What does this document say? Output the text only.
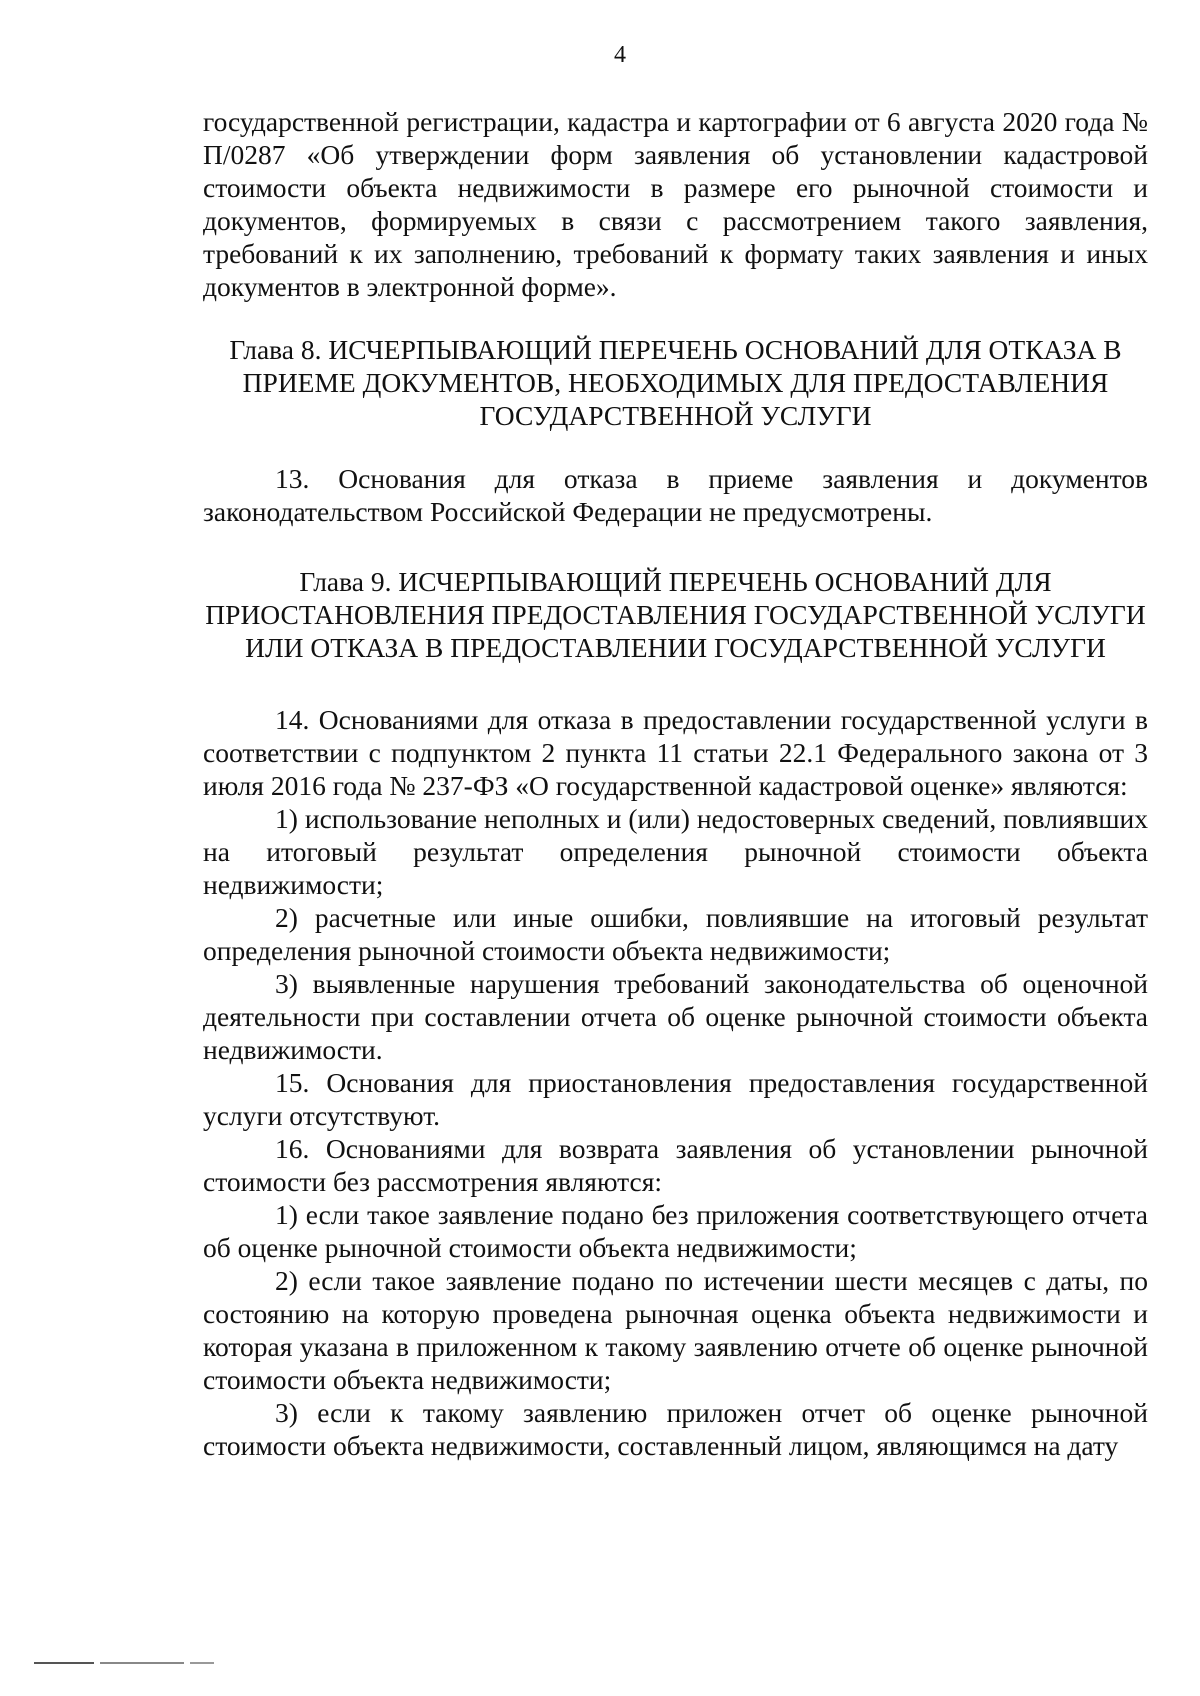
4

государственной регистрации, кадастра и картографии от 6 августа 2020 года № П/0287 «Об утверждении форм заявления об установлении кадастровой стоимости объекта недвижимости в размере его рыночной стоимости и документов, формируемых в связи с рассмотрением такого заявления, требований к их заполнению, требований к формату таких заявления и иных документов в электронной форме».

Глава 8. ИСЧЕРПЫВАЮЩИЙ ПЕРЕЧЕНЬ ОСНОВАНИЙ ДЛЯ ОТКАЗА В ПРИЕМЕ ДОКУМЕНТОВ, НЕОБХОДИМЫХ ДЛЯ ПРЕДОСТАВЛЕНИЯ ГОСУДАРСТВЕННОЙ УСЛУГИ

13. Основания для отказа в приеме заявления и документов законодательством Российской Федерации не предусмотрены.

Глава 9. ИСЧЕРПЫВАЮЩИЙ ПЕРЕЧЕНЬ ОСНОВАНИЙ ДЛЯ ПРИОСТАНОВЛЕНИЯ ПРЕДОСТАВЛЕНИЯ ГОСУДАРСТВЕННОЙ УСЛУГИ ИЛИ ОТКАЗА В ПРЕДОСТАВЛЕНИИ ГОСУДАРСТВЕННОЙ УСЛУГИ

14. Основаниями для отказа в предоставлении государственной услуги в соответствии с подпунктом 2 пункта 11 статьи 22.1 Федерального закона от 3 июля 2016 года № 237-ФЗ «О государственной кадастровой оценке» являются:

1) использование неполных и (или) недостоверных сведений, повлиявших на итоговый результат определения рыночной стоимости объекта недвижимости;

2) расчетные или иные ошибки, повлиявшие на итоговый результат определения рыночной стоимости объекта недвижимости;

3) выявленные нарушения требований законодательства об оценочной деятельности при составлении отчета об оценке рыночной стоимости объекта недвижимости.

15. Основания для приостановления предоставления государственной услуги отсутствуют.

16. Основаниями для возврата заявления об установлении рыночной стоимости без рассмотрения являются:

1) если такое заявление подано без приложения соответствующего отчета об оценке рыночной стоимости объекта недвижимости;

2) если такое заявление подано по истечении шести месяцев с даты, по состоянию на которую проведена рыночная оценка объекта недвижимости и которая указана в приложенном к такому заявлению отчете об оценке рыночной стоимости объекта недвижимости;

3) если к такому заявлению приложен отчет об оценке рыночной стоимости объекта недвижимости, составленный лицом, являющимся на дату
